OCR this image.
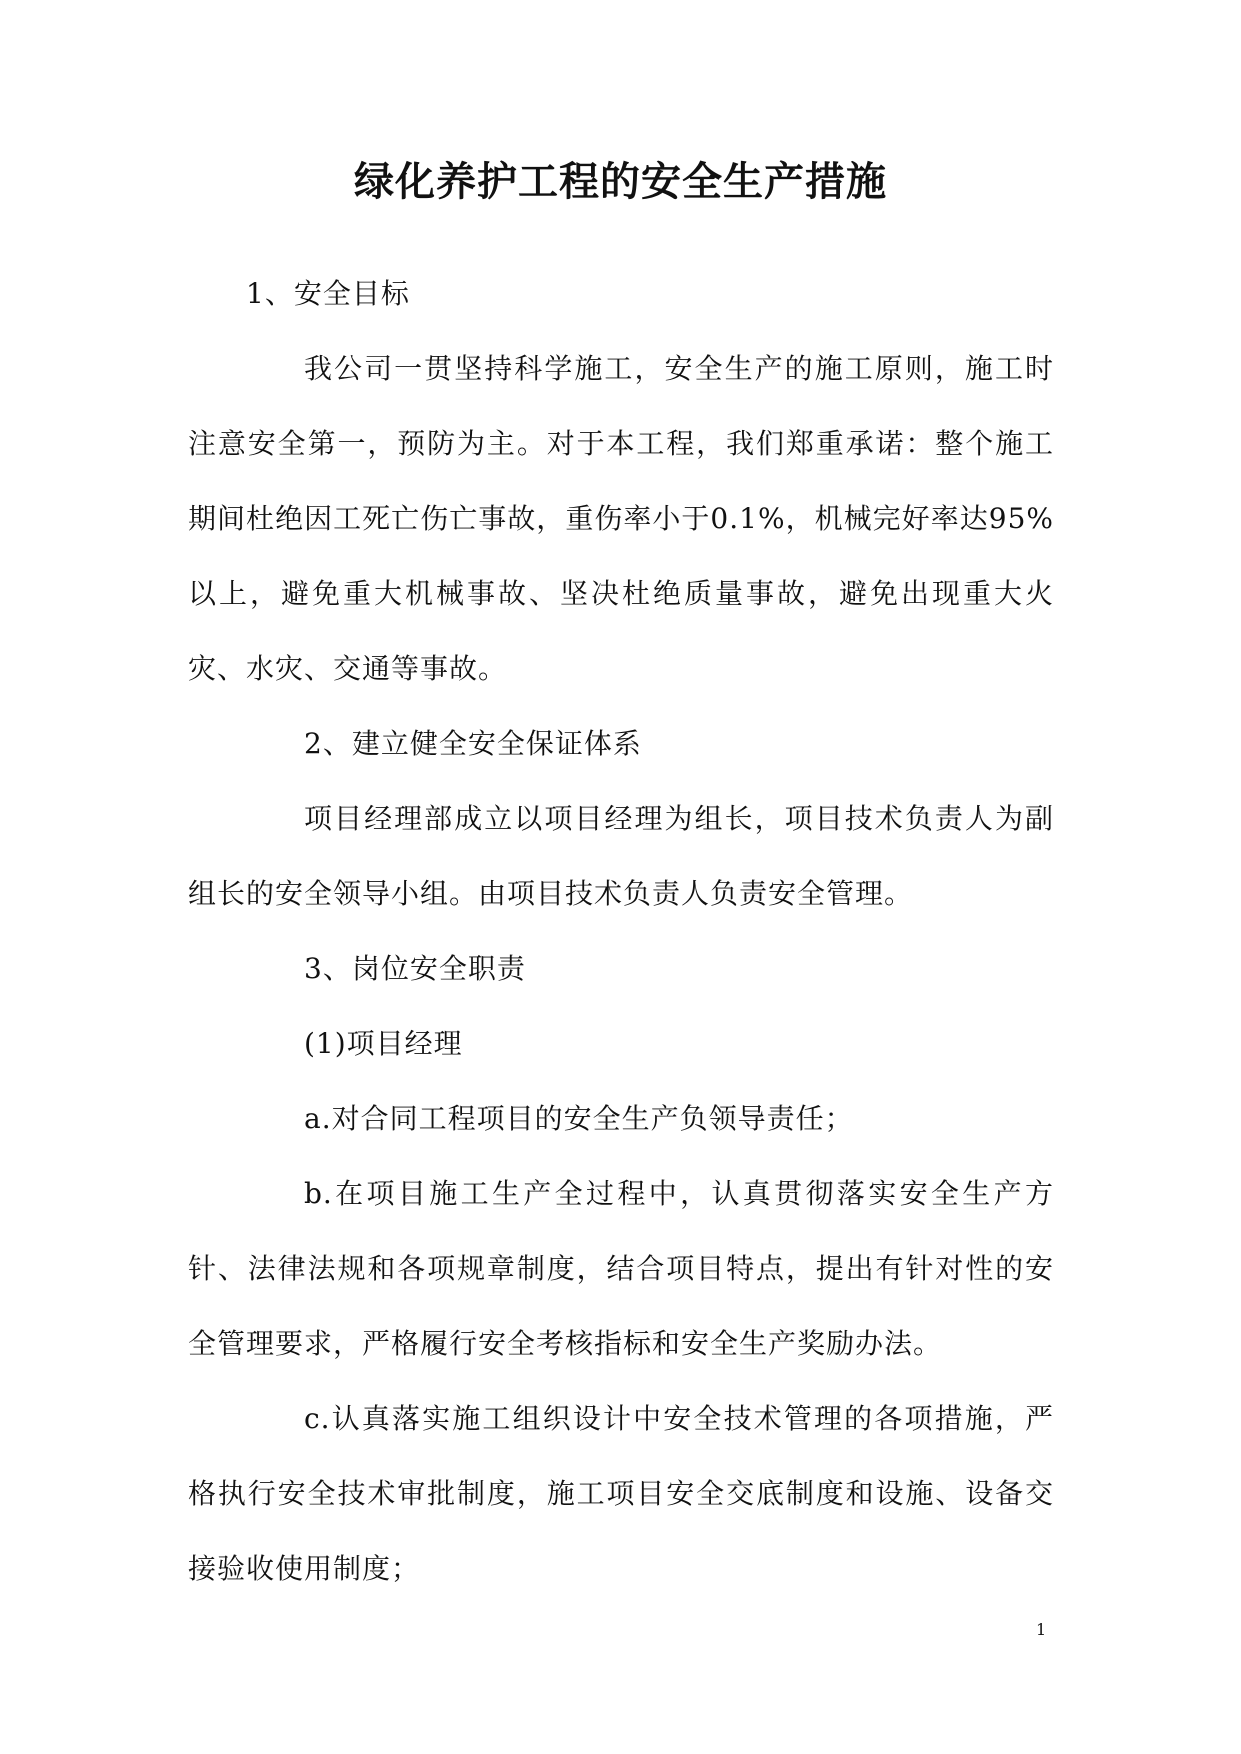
绿化养护工程的安全生产措施

1、安全目标

我公司一贯坚持科学施工，安全生产的施工原则，施工时注意安全第一，预防为主。对于本工程，我们郑重承诺：整个施工期间杜绝因工死亡伤亡事故，重伤率小于0.1%，机械完好率达95%以上，避免重大机械事故、坚决杜绝质量事故，避免出现重大火灾、水灾、交通等事故。

2、建立健全安全保证体系

项目经理部成立以项目经理为组长，项目技术负责人为副组长的安全领导小组。由项目技术负责人负责安全管理。

3、岗位安全职责

(1)项目经理

a.对合同工程项目的安全生产负领导责任；

b.在项目施工生产全过程中，认真贯彻落实安全生产方针、法律法规和各项规章制度，结合项目特点，提出有针对性的安全管理要求，严格履行安全考核指标和安全生产奖励办法。

c.认真落实施工组织设计中安全技术管理的各项措施，严格执行安全技术审批制度，施工项目安全交底制度和设施、设备交接验收使用制度；

1
